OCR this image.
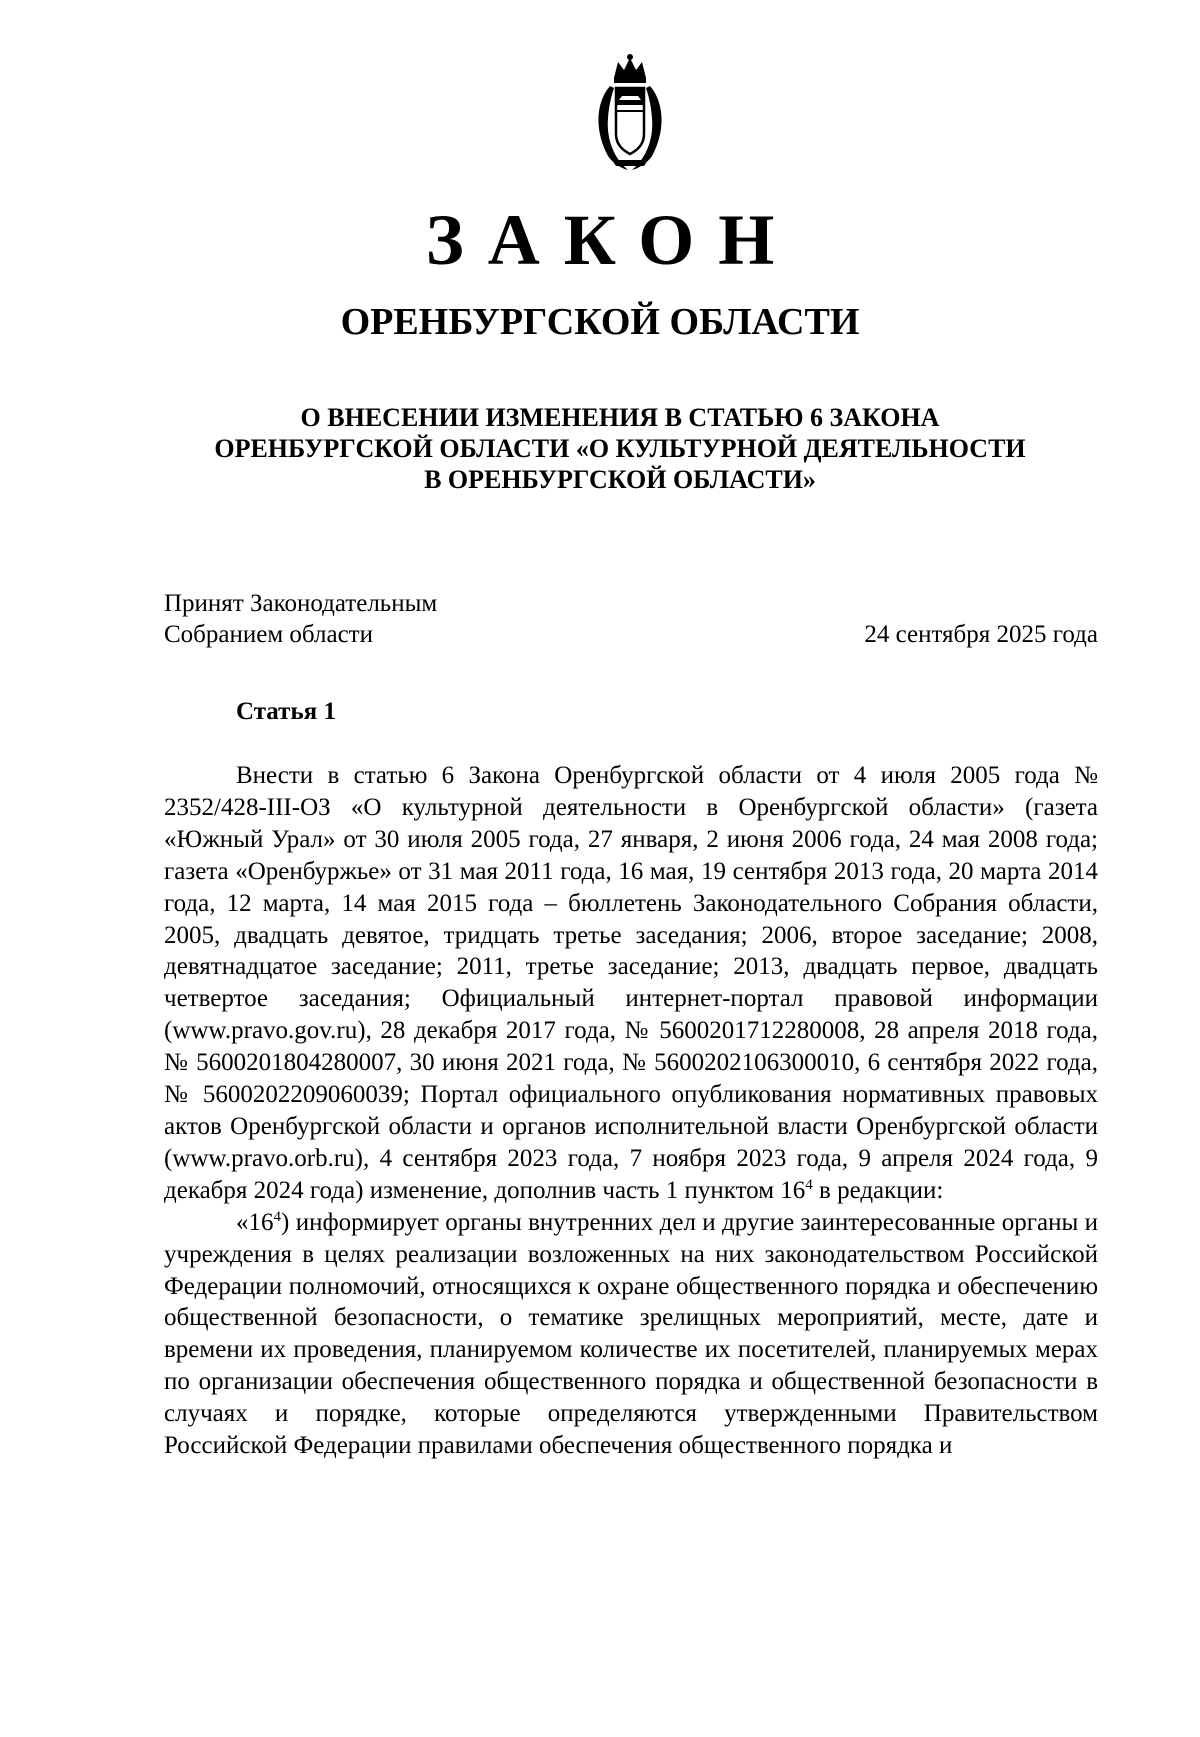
ЗАКОН
ОРЕНБУРГСКОЙ ОБЛАСТИ
О ВНЕСЕНИИ ИЗМЕНЕНИЯ В СТАТЬЮ 6 ЗАКОНА
ОРЕНБУРГСКОЙ ОБЛАСТИ «О КУЛЬТУРНОЙ ДЕЯТЕЛЬНОСТИ
В ОРЕНБУРГСКОЙ ОБЛАСТИ»
Принят Законодательным
Собранием области	24 сентября 2025 года
Статья 1

Внести в статью 6 Закона Оренбургской области от 4 июля 2005 года № 2352/428-III-ОЗ «О культурной деятельности в Оренбургской области» (газета «Южный Урал» от 30 июля 2005 года, 27 января, 2 июня 2006 года, 24 мая 2008 года; газета «Оренбуржье» от 31 мая 2011 года, 16 мая, 19 сентября 2013 года, 20 марта 2014 года, 12 марта, 14 мая 2015 года – бюллетень Законодательного Собрания области, 2005, двадцать девятое, тридцать третье заседания; 2006, второе заседание; 2008, девятнадцатое заседание; 2011, третье заседание; 2013, двадцать первое, двадцать четвертое заседания; Официальный интернет-портал правовой информации (www.pravo.gov.ru), 28 декабря 2017 года, № 5600201712280008, 28 апреля 2018 года, № 5600201804280007, 30 июня 2021 года, № 5600202106300010, 6 сентября 2022 года, № 5600202209060039; Портал официального опубликования нормативных правовых актов Оренбургской области и органов исполнительной власти Оренбургской области (www.pravo.orb.ru), 4 сентября 2023 года, 7 ноября 2023 года, 9 апреля 2024 года, 9 декабря 2024 года) изменение, дополнив часть 1 пунктом $16^4$ в редакции:

«$16^4$) информирует органы внутренних дел и другие заинтересованные органы и учреждения в целях реализации возложенных на них законодательством Российской Федерации полномочий, относящихся к охране общественного порядка и обеспечению общественной безопасности, о тематике зрелищных мероприятий, месте, дате и времени их проведения, планируемом количестве их посетителей, планируемых мерах по организации обеспечения общественного порядка и общественной безопасности в случаях и порядке, которые определяются утвержденными Правительством Российской Федерации правилами обеспечения общественного порядка и
